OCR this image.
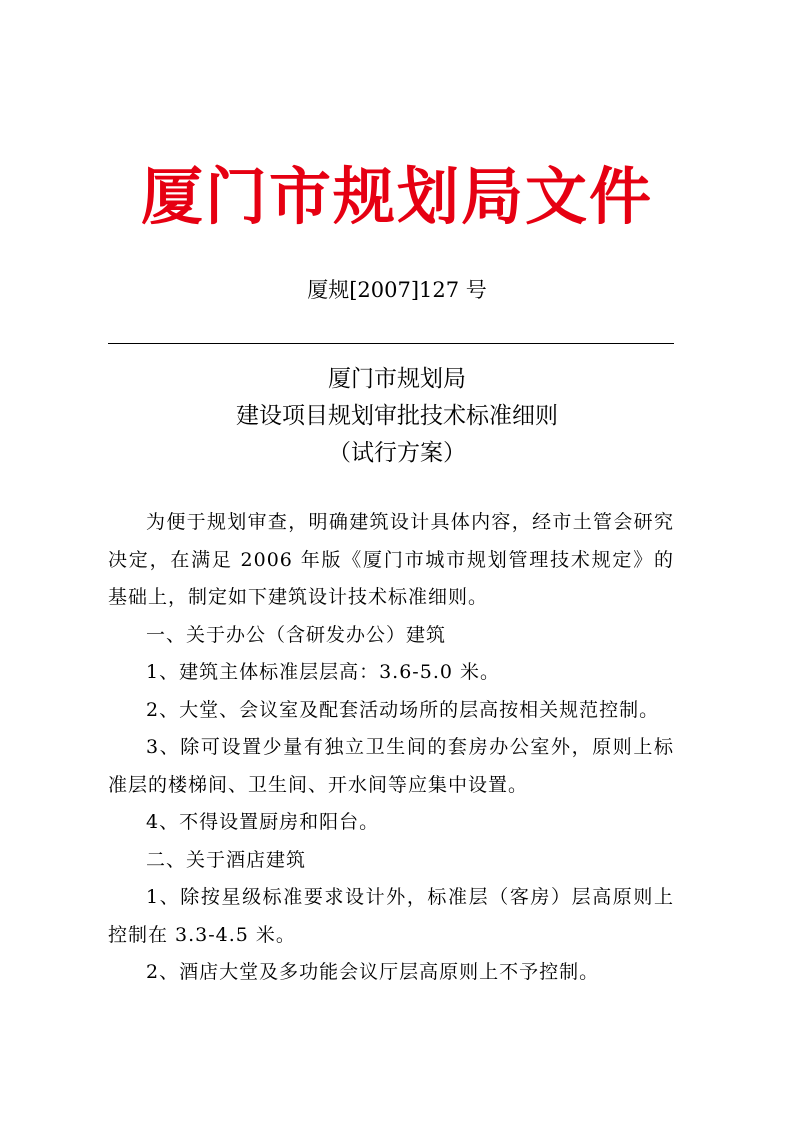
厦门市规划局文件
厦规[2007]127 号
厦门市规划局
建设项目规划审批技术标准细则
（试行方案）

为便于规划审查，明确建筑设计具体内容，经市土管会研究决定，在满足 2006 年版《厦门市城市规划管理技术规定》的基础上，制定如下建筑设计技术标准细则。

一、关于办公（含研发办公）建筑

1、建筑主体标准层层高：3.6-5.0 米。

2、大堂、会议室及配套活动场所的层高按相关规范控制。

3、除可设置少量有独立卫生间的套房办公室外，原则上标准层的楼梯间、卫生间、开水间等应集中设置。

4、不得设置厨房和阳台。

二、关于酒店建筑

1、除按星级标准要求设计外，标准层（客房）层高原则上控制在 3.3-4.5 米。

2、酒店大堂及多功能会议厅层高原则上不予控制。
